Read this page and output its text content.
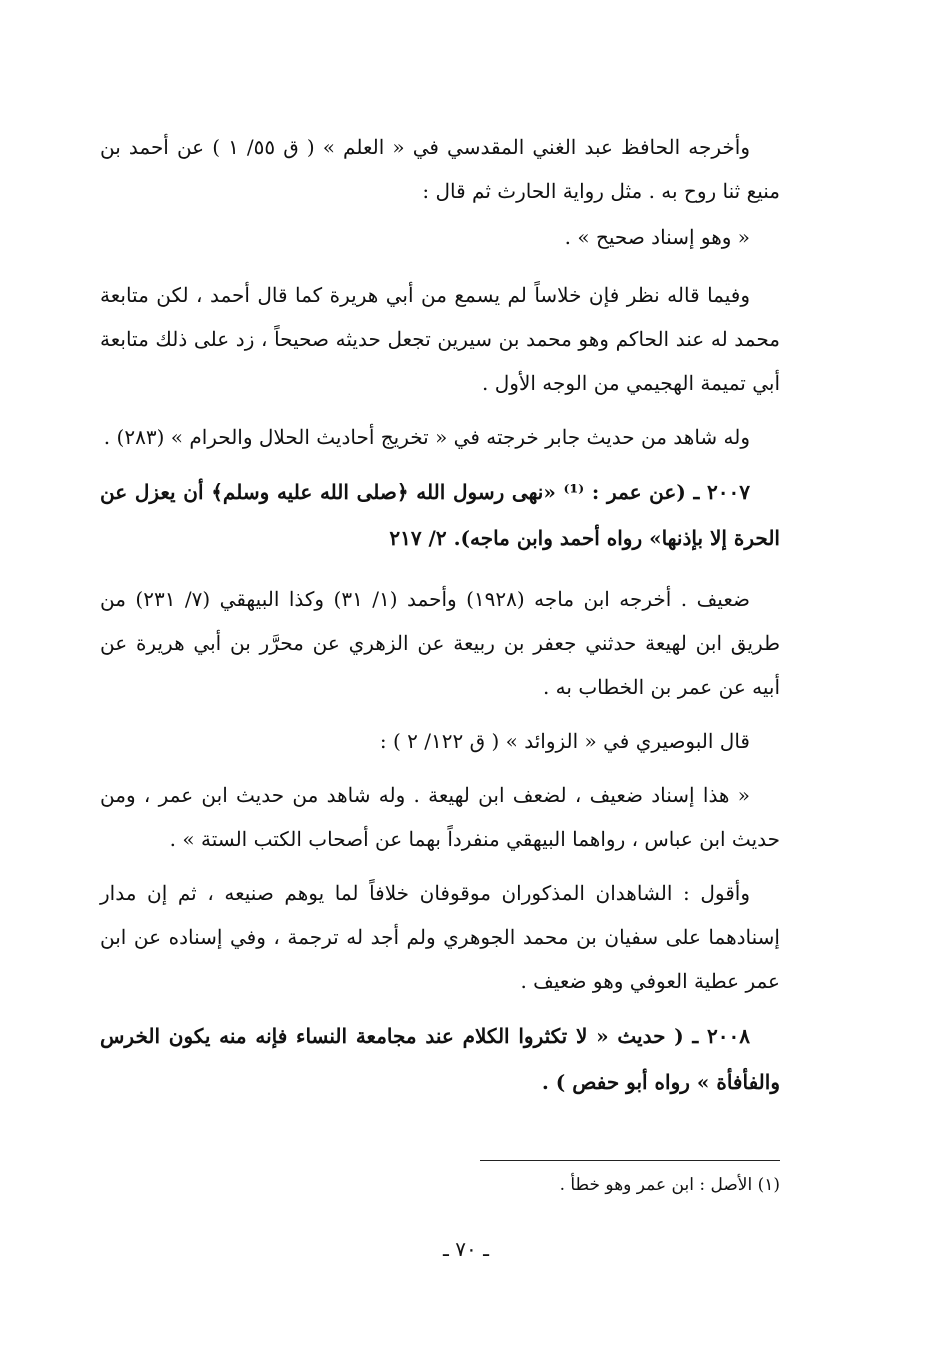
وأخرجه الحافظ عبد الغني المقدسي في « العلم » ( ق ٥٥/ ١ ) عن أحمد بن منيع ثنا روح به . مثل رواية الحارث ثم قال :

« وهو إسناد صحيح » .

وفيما قاله نظر فإن خلاساً لم يسمع من أبي هريرة كما قال أحمد ، لكن متابعة محمد له عند الحاكم وهو محمد بن سيرين تجعل حديثه صحيحاً ، زد على ذلك متابعة أبي تميمة الهجيمي من الوجه الأول .

وله شاهد من حديث جابر خرجته في « تخريج أحاديث الحلال والحرام » (٢٨٣) .

٢٠٠٧ ـ (عن عمر : ⁽¹⁾ «نهى رسول الله ﴿صلى الله عليه وسلم﴾ أن يعزل عن الحرة إلا بإذنها» رواه أحمد وابن ماجه). ٢/ ٢١٧

ضعيف . أخرجه ابن ماجه (١٩٢٨) وأحمد (١/ ٣١) وكذا البيهقي (٧/ ٢٣١) من طريق ابن لهيعة حدثني جعفر بن ربيعة عن الزهري عن محرَّر بن أبي هريرة عن أبيه عن عمر بن الخطاب به .

قال البوصيري في « الزوائد » ( ق ١٢٢/ ٢ ) :

« هذا إسناد ضعيف ، لضعف ابن لهيعة . وله شاهد من حديث ابن عمر ، ومن حديث ابن عباس ، رواهما البيهقي منفرداً بهما عن أصحاب الكتب الستة » .

وأقول : الشاهدان المذكوران موقوفان خلافاً لما يوهم صنيعه ، ثم إن مدار إسنادهما على سفيان بن محمد الجوهري ولم أجد له ترجمة ، وفي إسناده عن ابن عمر عطية العوفي وهو ضعيف .

٢٠٠٨ ـ ( حديث « لا تكثروا الكلام عند مجامعة النساء فإنه منه يكون الخرس والفأفأة » رواه أبو حفص ) .

(١) الأصل : ابن عمر وهو خطأ .
ـ ٧٠ ـ
